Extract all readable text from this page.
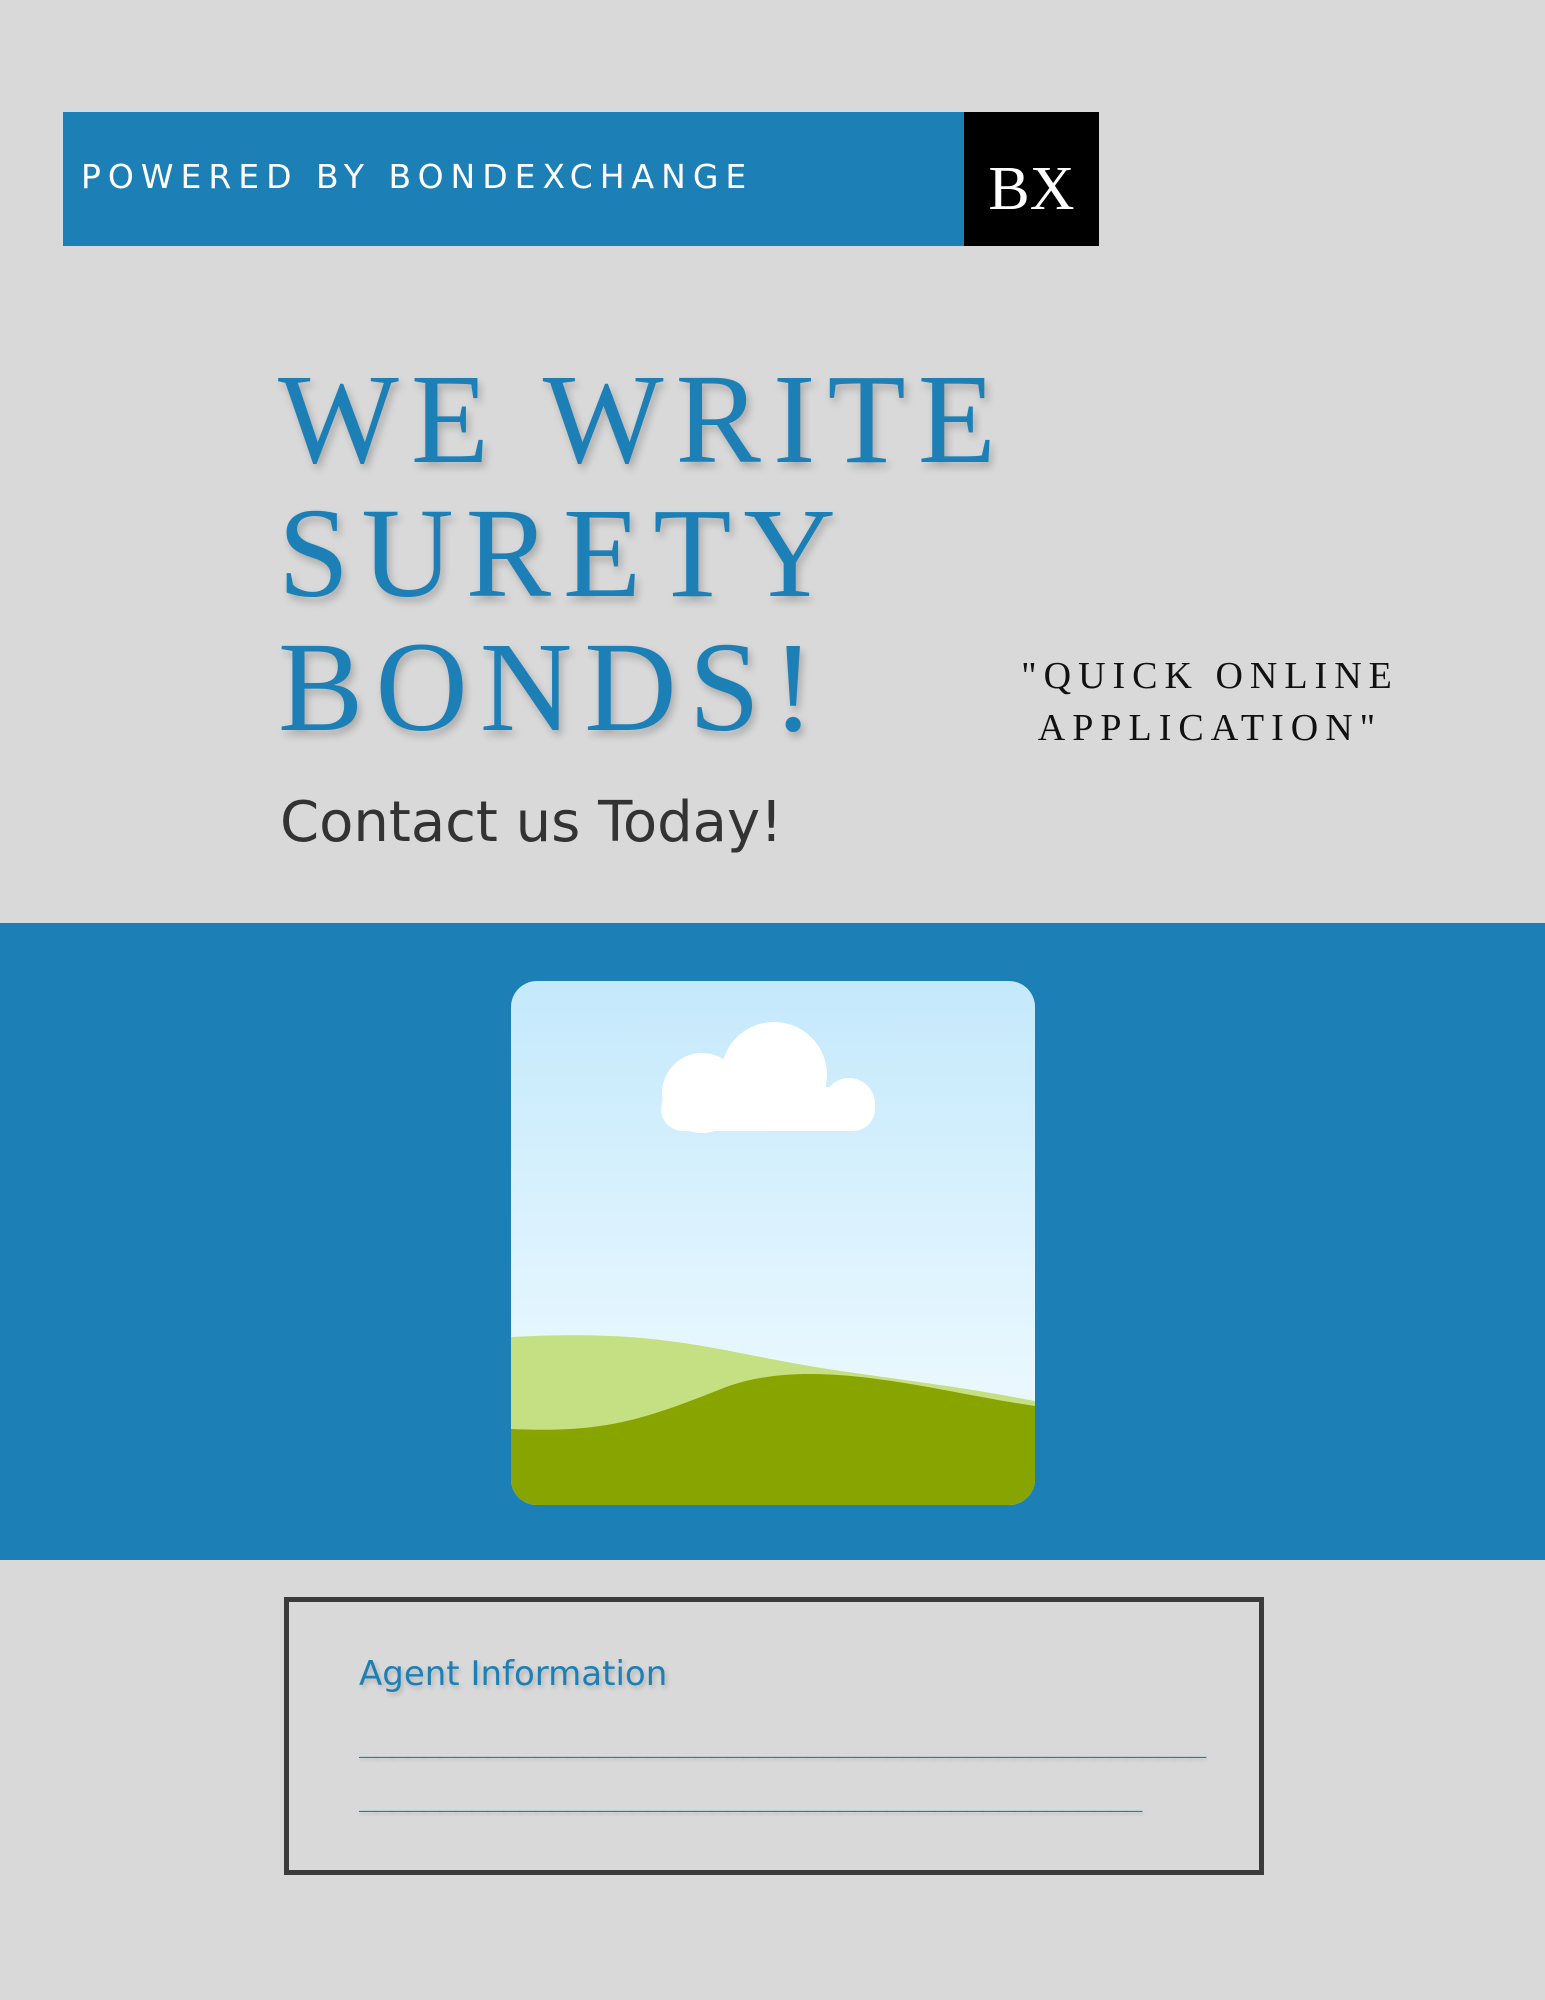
POWERED BY BONDEXCHANGE	BX
WE WRITE
SURETY
BONDS!	"QUICK ONLINE
APPLICATION"
Contact us Today!
Agent Information
______________________________________________________________________________________________________
